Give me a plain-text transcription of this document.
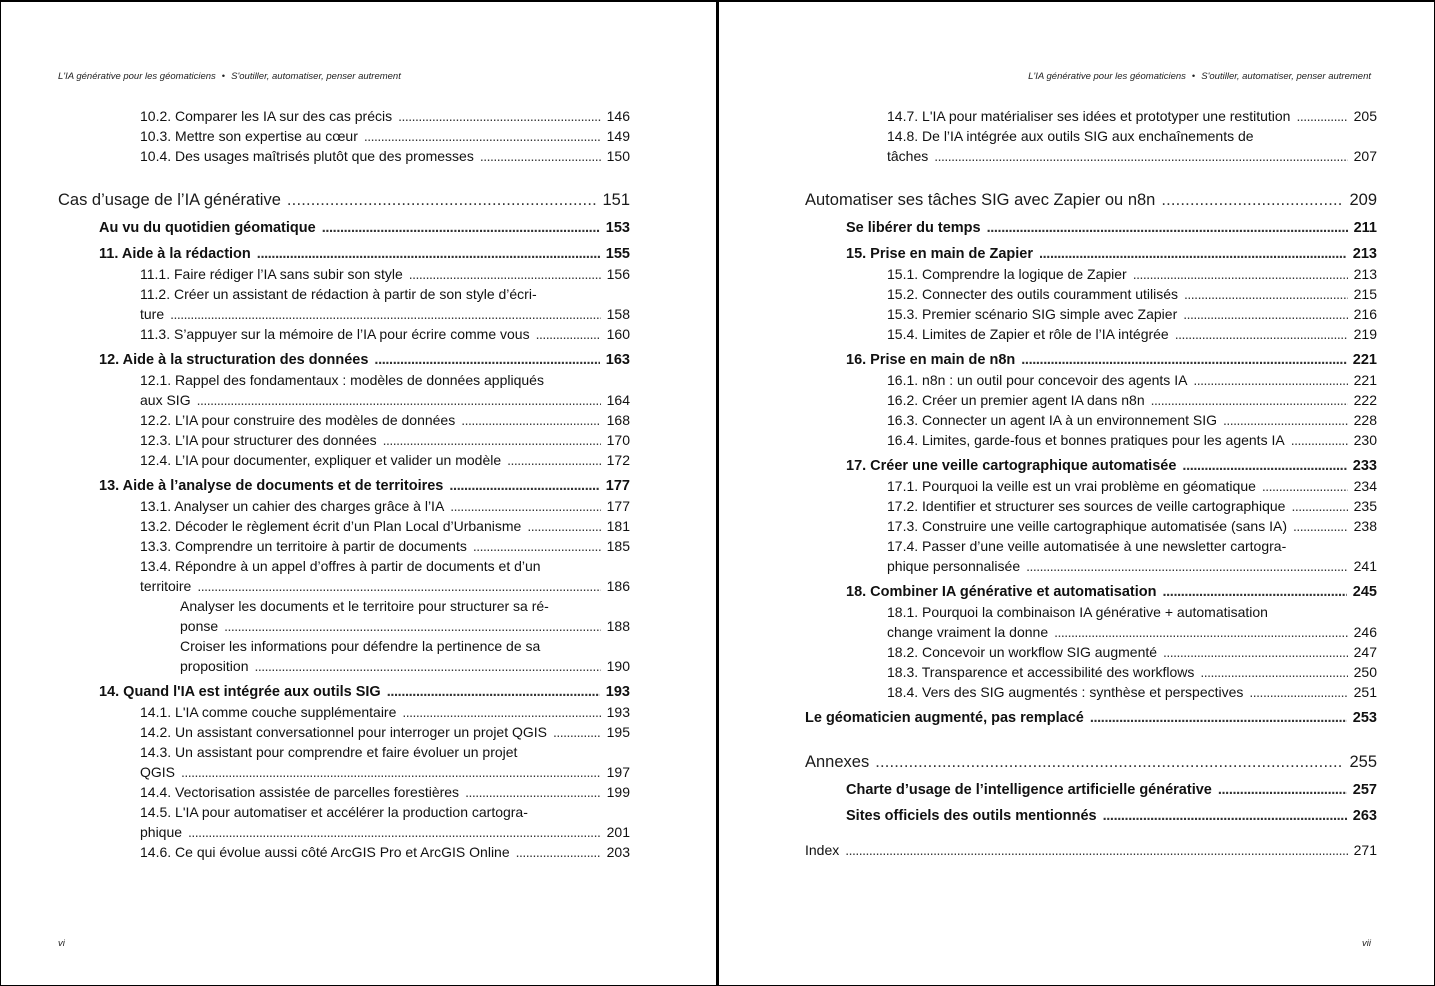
L'IA générative pour les géomaticiens • S'outiller, automatiser, penser autrement
10.2. Comparer les IA sur des cas précis . . .	146
10.3. Mettre son expertise au cœur . . .	149
10.4. Des usages maîtrisés plutôt que des promesses . . .	150
Cas d’usage de l’IA générative . . .	151
Au vu du quotidien géomatique . . .	153
11. Aide à la rédaction . . .	155
11.1. Faire rédiger l’IA sans subir son style . . .	156
11.2. Créer un assistant de rédaction à partir de son style d’écri-
ture . . .	158
11.3. S’appuyer sur la mémoire de l’IA pour écrire comme vous . . .	160
12. Aide à la structuration des données . . .	163
12.1. Rappel des fondamentaux : modèles de données appliqués
aux SIG . . .	164
12.2. L’IA pour construire des modèles de données . . .	168
12.3. L’IA pour structurer des données . . .	170
12.4. L’IA pour documenter, expliquer et valider un modèle . . .	172
13. Aide à l’analyse de documents et de territoires . . .	177
13.1. Analyser un cahier des charges grâce à l’IA . . .	177
13.2. Décoder le règlement écrit d’un Plan Local d’Urbanisme . . .	181
13.3. Comprendre un territoire à partir de documents . . .	185
13.4. Répondre à un appel d’offres à partir de documents et d’un
territoire . . .	186
Analyser les documents et le territoire pour structurer sa ré-
ponse . . .	188
Croiser les informations pour défendre la pertinence de sa
proposition . . .	190
14. Quand l'IA est intégrée aux outils SIG . . .	193
14.1. L'IA comme couche supplémentaire . . .	193
14.2. Un assistant conversationnel pour interroger un projet QGIS . . .	195
14.3. Un assistant pour comprendre et faire évoluer un projet
QGIS . . .	197
14.4. Vectorisation assistée de parcelles forestières . . .	199
14.5. L'IA pour automatiser et accélérer la production cartogra-
phique . . .	201
14.6. Ce qui évolue aussi côté ArcGIS Pro et ArcGIS Online . . .	203
vi
L'IA générative pour les géomaticiens • S'outiller, automatiser, penser autrement
14.7. L'IA pour matérialiser ses idées et prototyper une restitution . . .	205
14.8. De l’IA intégrée aux outils SIG aux enchaînements de
tâches . . .	207
Automatiser ses tâches SIG avec Zapier ou n8n . . .	209
Se libérer du temps . . .	211
15. Prise en main de Zapier . . .	213
15.1. Comprendre la logique de Zapier . . .	213
15.2. Connecter des outils couramment utilisés . . .	215
15.3. Premier scénario SIG simple avec Zapier . . .	216
15.4. Limites de Zapier et rôle de l’IA intégrée . . .	219
16. Prise en main de n8n . . .	221
16.1. n8n : un outil pour concevoir des agents IA . . .	221
16.2. Créer un premier agent IA dans n8n . . .	222
16.3. Connecter un agent IA à un environnement SIG . . .	228
16.4. Limites, garde-fous et bonnes pratiques pour les agents IA . . .	230
17. Créer une veille cartographique automatisée . . .	233
17.1. Pourquoi la veille est un vrai problème en géomatique . . .	234
17.2. Identifier et structurer ses sources de veille cartographique . . .	235
17.3. Construire une veille cartographique automatisée (sans IA) . . .	238
17.4. Passer d’une veille automatisée à une newsletter cartogra-
phique personnalisée . . .	241
18. Combiner IA générative et automatisation . . .	245
18.1. Pourquoi la combinaison IA générative + automatisation
change vraiment la donne . . .	246
18.2. Concevoir un workflow SIG augmenté . . .	247
18.3. Transparence et accessibilité des workflows . . .	250
18.4. Vers des SIG augmentés : synthèse et perspectives . . .	251
Le géomaticien augmenté, pas remplacé . . .	253
Annexes . . .	255
Charte d’usage de l’intelligence artificielle générative . . .	257
Sites officiels des outils mentionnés . . .	263
Index . . .	271
vii
